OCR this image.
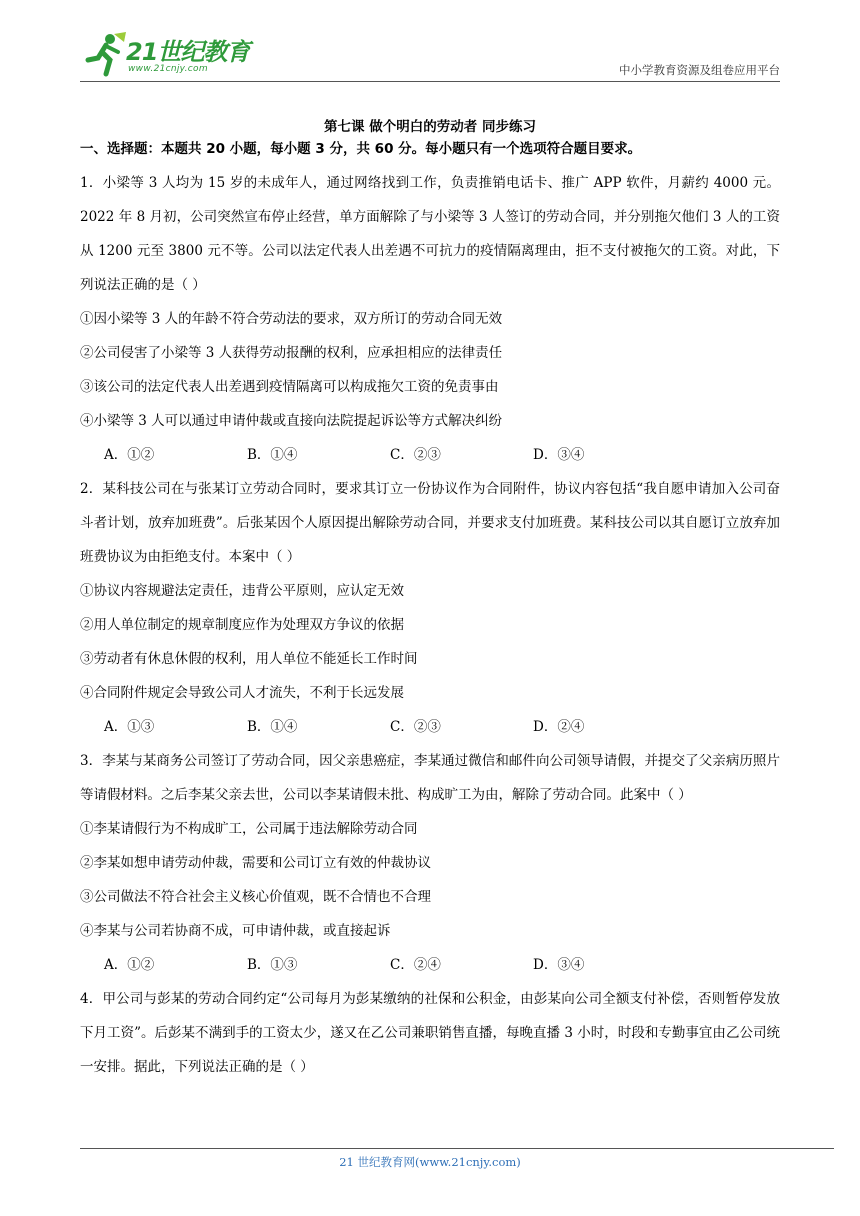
21世纪教育
www.21cnjy.com	中小学教育资源及组卷应用平台

第七课 做个明白的劳动者 同步练习

一、选择题：本题共 20 小题，每小题 3 分，共 60 分。每小题只有一个选项符合题目要求。

1．小梁等 3 人均为 15 岁的未成年人，通过网络找到工作，负责推销电话卡、推广 APP 软件，月薪约 4000 元。2022 年 8 月初，公司突然宣布停止经营，单方面解除了与小梁等 3 人签订的劳动合同，并分别拖欠他们 3 人的工资从 1200 元至 3800 元不等。公司以法定代表人出差遇不可抗力的疫情隔离理由，拒不支付被拖欠的工资。对此，下列说法正确的是（ ）

①因小梁等 3 人的年龄不符合劳动法的要求，双方所订的劳动合同无效

②公司侵害了小梁等 3 人获得劳动报酬的权利，应承担相应的法律责任

③该公司的法定代表人出差遇到疫情隔离可以构成拖欠工资的免责事由

④小梁等 3 人可以通过申请仲裁或直接向法院提起诉讼等方式解决纠纷

A．①②	B．①④	C．②③	D．③④

2．某科技公司在与张某订立劳动合同时，要求其订立一份协议作为合同附件，协议内容包括“我自愿申请加入公司奋斗者计划，放弃加班费”。后张某因个人原因提出解除劳动合同，并要求支付加班费。某科技公司以其自愿订立放弃加班费协议为由拒绝支付。本案中（ ）

①协议内容规避法定责任，违背公平原则，应认定无效

②用人单位制定的规章制度应作为处理双方争议的依据

③劳动者有休息休假的权利，用人单位不能延长工作时间

④合同附件规定会导致公司人才流失，不利于长远发展

A．①③	B．①④	C．②③	D．②④

3．李某与某商务公司签订了劳动合同，因父亲患癌症，李某通过微信和邮件向公司领导请假，并提交了父亲病历照片等请假材料。之后李某父亲去世，公司以李某请假未批、构成旷工为由，解除了劳动合同。此案中（ ）

①李某请假行为不构成旷工，公司属于违法解除劳动合同

②李某如想申请劳动仲裁，需要和公司订立有效的仲裁协议

③公司做法不符合社会主义核心价值观，既不合情也不合理

④李某与公司若协商不成，可申请仲裁，或直接起诉

A．①②	B．①③	C．②④	D．③④

4．甲公司与彭某的劳动合同约定“公司每月为彭某缴纳的社保和公积金，由彭某向公司全额支付补偿，否则暂停发放下月工资”。后彭某不满到手的工资太少，遂又在乙公司兼职销售直播，每晚直播 3 小时，时段和专勤事宜由乙公司统一安排。据此，下列说法正确的是（ ）

21 世纪教育网(www.21cnjy.com)
